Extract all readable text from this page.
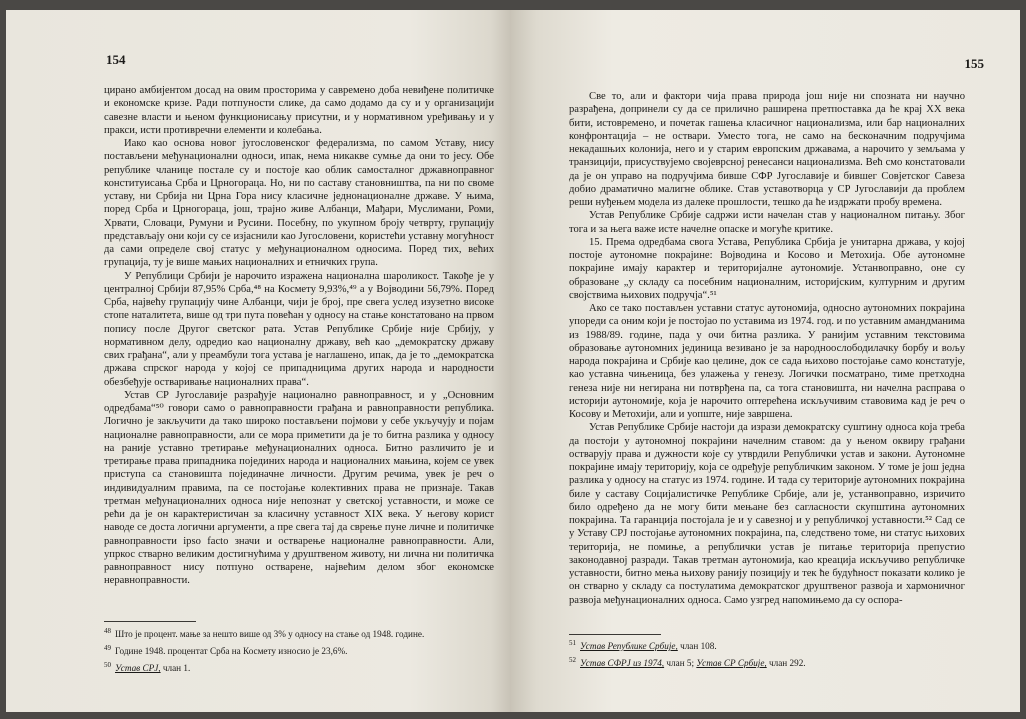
154

цирано амбијентом досад на овим просторима у савремено доба невиђене политичке и економске кризе. Ради потпуности слике, да само додамо да су и у организацији савезне власти и њеном функционисању присутни, и у нормативном уређивању и у пракси, исти противречни елементи и колебања.

Иако као основа новог југословенског федерализма, по самом Уставу, нису постављени међунационални односи, ипак, нема никакве сумње да они то јесу. Обе републике чланице постале су и постоје као облик самосталног државноправног конституисања Срба и Црногораца. Но, ни по саставу становништва, па ни по своме уставу, ни Србија ни Црна Гора нису класичне једнонационалне државе. У њима, поред Срба и Црногораца, још, трајно живе Албанци, Мађари, Муслимани, Роми, Хрвати, Словаци, Румуни и Русини. Посебну, по укупном броју четврту, групацију представљају они који су се изјаснили као Југословени, користећи уставну могућност да сами определе свој статус у међунационалном односима. Поред тих, већих групација, ту је више мањих националних и етничких група.

У Републици Србији је нарочито изражена национална шароликост. Такође је у централној Србији 87,95% Срба,⁴⁸ на Космету 9,93%,⁴⁹ а у Војводини 56,79%. Поред Срба, највећу групацију чине Албанци, чији је број, пре свега услед изузетно високе стопе наталитета, више од три пута повећан у односу на стање констатовано на првом попису после Другог светског рата. Устав Републике Србије није Србију, у нормативном делу, одредио као националну државу, већ као „демократску државу свих грађана“, али у преамбули тога устава је наглашено, ипак, да је то „демократска држава спрског народа у којој се припадницима других народа и народности обезбеђује остваривање националних права“.

Устав СР Југославије разрађује национално равноправност, и у „Основним одредбама“⁵⁰ говори само о равноправности грађана и равноправности република. Логично је закључити да тако широко постављени појмови у себе укључују и појам националне равноправности, али се мора приметити да је то битна разлика у односу на раније уставно третирање међунационалних односа. Битно различито је и третирање права припадника појединих народа и националних мањина, којем се увек приступа са становишта појединачне личности. Другим речима, увек је реч о индивидуалним правима, па се постојање колективних права не признаје. Такав третман међунационалних односа није непознат у светској уставности, и може се рећи да је он карактеристичан за класичну уставност XIX века. У његову корист наводе се доста логични аргументи, а пре свега тај да сврење пуне личне и политичке равноправности ipso facto значи и остварење националне равноправности. Али, упркос стварно великим достигнућима у друштвеном животу, ни лична ни политичка равноправност нису потпуно остварене, највећим делом због економске неравноправности.

$^{48}$ Што је процент. мање за нешто више од 3% у односу на стање од 1948. године.

$^{49}$ Године 1948. процентат Срба на Космету износио је 23,6%.

$^{50}$ Устав СРЈ, члан 1.

155

Све то, али и фактори чија права природа још није ни спозната ни научно разрађена, допринели су да се прилично раширена претпоставка да ће крај XX века бити, истовремено, и почетак гашења класичног национализма, или бар националних конфронтација – не оствари. Уместо тога, не само на бесконачним подручјима некадашњих колонија, него и у старим европским државама, а нарочито у земљама у транзицији, присуствујемо својеврсној ренесанси национализма. Већ смо констатовали да је он управо на подручјима бивше СФР Југославије и бившег Совјетског Савеза добио драматично малигне облике. Став уставотворца у СР Југославији да проблем реши нуђењем модела из далеке прошлости, тешко да ће издржати пробу времена.

Устав Републике Србије садржи исти начелан став у националном питању. Због тога и за њега важе исте начелне опаске и могуће критике.

15. Према одредбама свога Устава, Република Србија је унитарна држава, у којој постоје аутономне покрајине: Војводина и Косово и Метохија. Обе аутономне покрајине имају карактер и територијалне аутономије. Устанвоправно, оне су образоване „у складу са посебним националним, историјским, културним и другим својствима њихових подручја“.⁵¹

Ако се тако постављен уставни статус аутономија, односно аутономних покрајина упореди са оним који је постојао по уставима из 1974. год. и по уставним амандманима из 1988/89. године, пада у очи битна разлика. У ранијим уставним текстовима образовање аутономних јединица везивано је за народноослободилачку борбу и вољу народа покрајина и Србије као целине, док се сада њихово постојање само констатује, као уставна чињеница, без улажења у генезу. Логички посматрано, тиме претходна генеза није ни негирана ни потврђена па, са тога становишта, ни начелна расправа о историји аутономије, која је нарочито оптерећена искључивим ставовима кад је реч о Косову и Метохији, али и уопште, није завршена.

Устав Републике Србије настоји да изрази демократску суштину односа која треба да постоји у аутономној покрајини начелним ставом: да у њеном оквиру грађани остварују права и дужности које су утврдили Републички устав и закони. Аутономне покрајине имају територију, која се одређује републичким законом. У томе је још једна разлика у односу на статус из 1974. године. И тада су територије аутономних покрајина биле у саставу Социјалистичке Републике Србије, али је, устанвоправно, изричито било одређено да не могу бити мењане без сагласности скупштина аутономних покрајина. Та гаранција постојала је и у савезној и у републичкој уставности.⁵² Сад се у Уставу СРЈ постојање аутономних покрајина, па, следствено томе, ни статус њихових територија, не помиње, а републички устав је питање територија препустио законодавној разради. Такав третман аутономија, као креација искључиво републичке уставности, битно мења њихову ранију позицију и тек ће будућност показати колико је он стварно у складу са постулатима демократског друштвеног развоја и хармоничног развоја међунационалних односа. Само узгред напомињемо да су оспора-

$^{51}$ Устав Републике Србије, члан 108.

$^{52}$ Устав СФРЈ из 1974, члан 5; Устав СР Србије, члан 292.
